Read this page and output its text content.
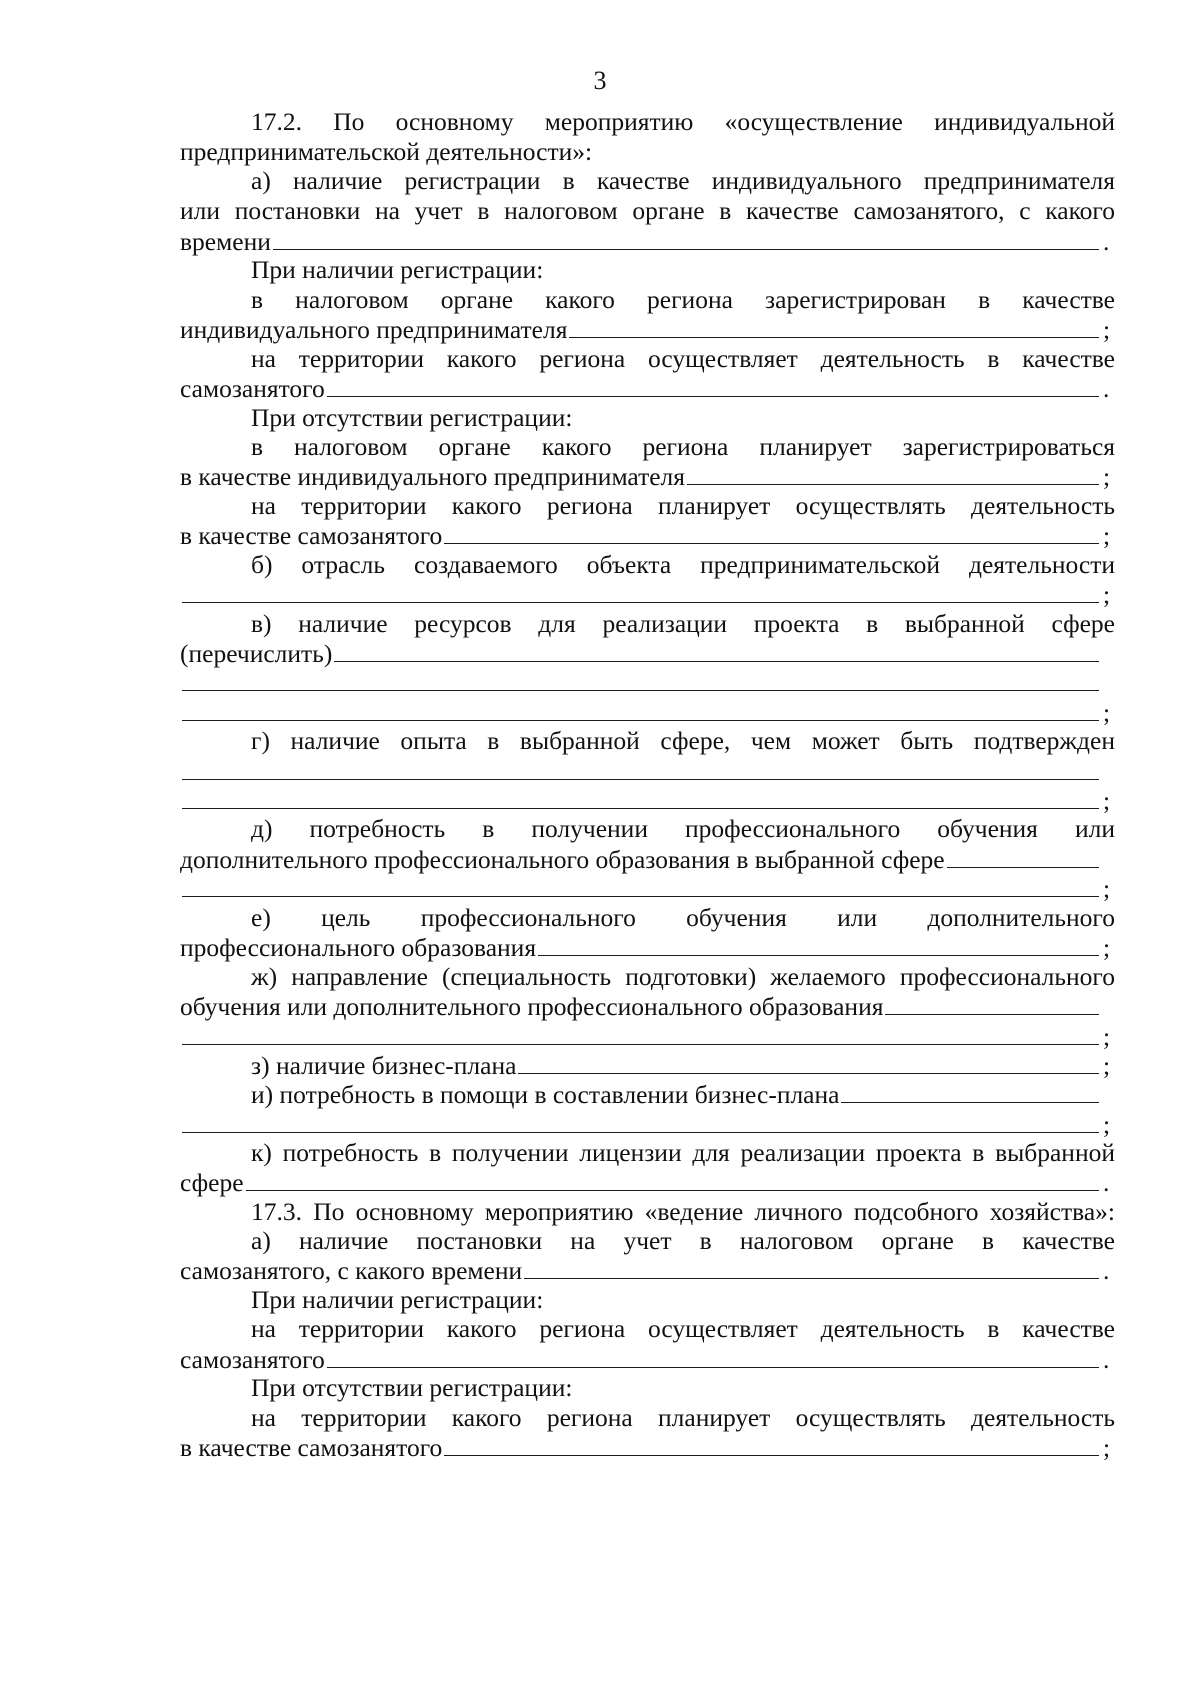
3
17.2. По основному мероприятию «осуществление индивидуальной
предпринимательской деятельности»:
а) наличие регистрации в качестве индивидуального предпринимателя
или постановки на учет в налоговом органе в качестве самозанятого, с какого
времени	.
При наличии регистрации:
в налоговом органе какого региона зарегистрирован в качестве
индивидуального предпринимателя	;
на территории какого региона осуществляет деятельность в качестве
самозанятого	.
При отсутствии регистрации:
в налоговом органе какого региона планирует зарегистрироваться
в качестве индивидуального предпринимателя	;
на территории какого региона планирует осуществлять деятельность
в качестве самозанятого	;
б) отрасль создаваемого объекта предпринимательской деятельности
;
в) наличие ресурсов для реализации проекта в выбранной сфере
(перечислить)
;
г) наличие опыта в выбранной сфере, чем может быть подтвержден
;
д) потребность в получении профессионального обучения или
дополнительного профессионального образования в выбранной сфере
;
е) цель профессионального обучения или дополнительного
профессионального образования	;
ж) направление (специальность подготовки) желаемого профессионального
обучения или дополнительного профессионального образования
;
з) наличие бизнес-плана	;
и) потребность в помощи в составлении бизнес-плана
;
к) потребность в получении лицензии для реализации проекта в выбранной
сфере	.
17.3. По основному мероприятию «ведение личного подсобного хозяйства»:
а) наличие постановки на учет в налоговом органе в качестве
самозанятого, с какого времени	.
При наличии регистрации:
на территории какого региона осуществляет деятельность в качестве
самозанятого	.
При отсутствии регистрации:
на территории какого региона планирует осуществлять деятельность
в качестве самозанятого	;
